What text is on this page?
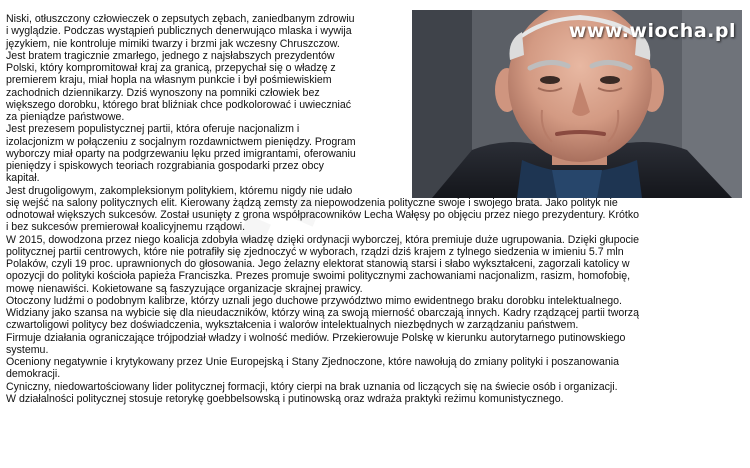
www.wiocha.pl

Niski, otłuszczony człowieczek o zepsutych zębach, zaniedbanym zdrowiu
i wyglądzie. Podczas wystąpień publicznych denerwująco mlaska i wywija
językiem, nie kontroluje mimiki twarzy i brzmi jak wczesny Chruszczow.

Jest bratem tragicznie zmarłego, jednego z najsłabszych prezydentów
Polski, który kompromitował kraj za granicą, przepychał się o władzę z
premierem kraju, miał hopla na własnym punkcie i był pośmiewiskiem
zachodnich dziennikarzy. Dziś wynoszony na pomniki człowiek bez
większego dorobku, którego brat bliźniak chce podkolorować i uwieczniać
za pieniądze państwowe.

Jest prezesem populistycznej partii, która oferuje nacjonalizm i
izolacjonizm w połączeniu z socjalnym rozdawnictwem pieniędzy. Program
wyborczy miał oparty na podgrzewaniu lęku przed imigrantami, oferowaniu
pieniędzy i spiskowych teoriach rozgrabiania gospodarki przez obcy
kapitał.

Jest drugoligowym, zakompleksionym politykiem, któremu nigdy nie udało

się wejść na salony politycznych elit. Kierowany żądzą zemsty za niepowodzenia polityczne swoje i swojego brata. Jako polityk nie
odnotował większych sukcesów. Został usunięty z grona współpracowników Lecha Wałęsy po objęciu przez niego prezydentury. Krótko
i bez sukcesów premierował koalicyjnemu rządowi.

W 2015, dowodzona przez niego koalicja zdobyła władzę dzięki ordynacji wyborczej, która premiuje duże ugrupowania. Dzięki głupocie
politycznej partii centrowych, które nie potrafiły się zjednoczyć w wyborach, rządzi dziś krajem z tylnego siedzenia w imieniu 5.7 mln
Polaków, czyli 19 proc. uprawnionych do głosowania. Jego żelazny elektorat stanowią starsi i słabo wykształceni, zagorzali katolicy w
opozycji do polityki kościoła papieża Franciszka. Prezes promuje swoimi politycznymi zachowaniami nacjonalizm, rasizm, homofobię,
mowę nienawiści. Kokietowane są faszyzujące organizacje skrajnej prawicy.

Otoczony ludźmi o podobnym kalibrze, którzy uznali jego duchowe przywództwo mimo ewidentnego braku dorobku intelektualnego.

Widziany jako szansa na wybicie się dla nieudaczników, którzy winą za swoją mierność obarczają innych. Kadry rządzącej partii tworzą
czwartoligowi politycy bez doświadczenia, wykształcenia i walorów intelektualnych niezbędnych w zarządzaniu państwem.

Firmuje działania ograniczające trójpodział władzy i wolność mediów. Przekierowuje Polskę w kierunku autorytarnego putinowskiego
systemu.

Oceniony negatywnie i krytykowany przez Unie Europejską i Stany Zjednoczone, które nawołują do zmiany polityki i poszanowania
demokracji.

Cyniczny, niedowartościowany lider politycznej formacji, który cierpi na brak uznania od liczących się na świecie osób i organizacji.

W działalności politycznej stosuje retorykę goebbelsowską i putinowską oraz wdraża praktyki reżimu komunistycznego.
